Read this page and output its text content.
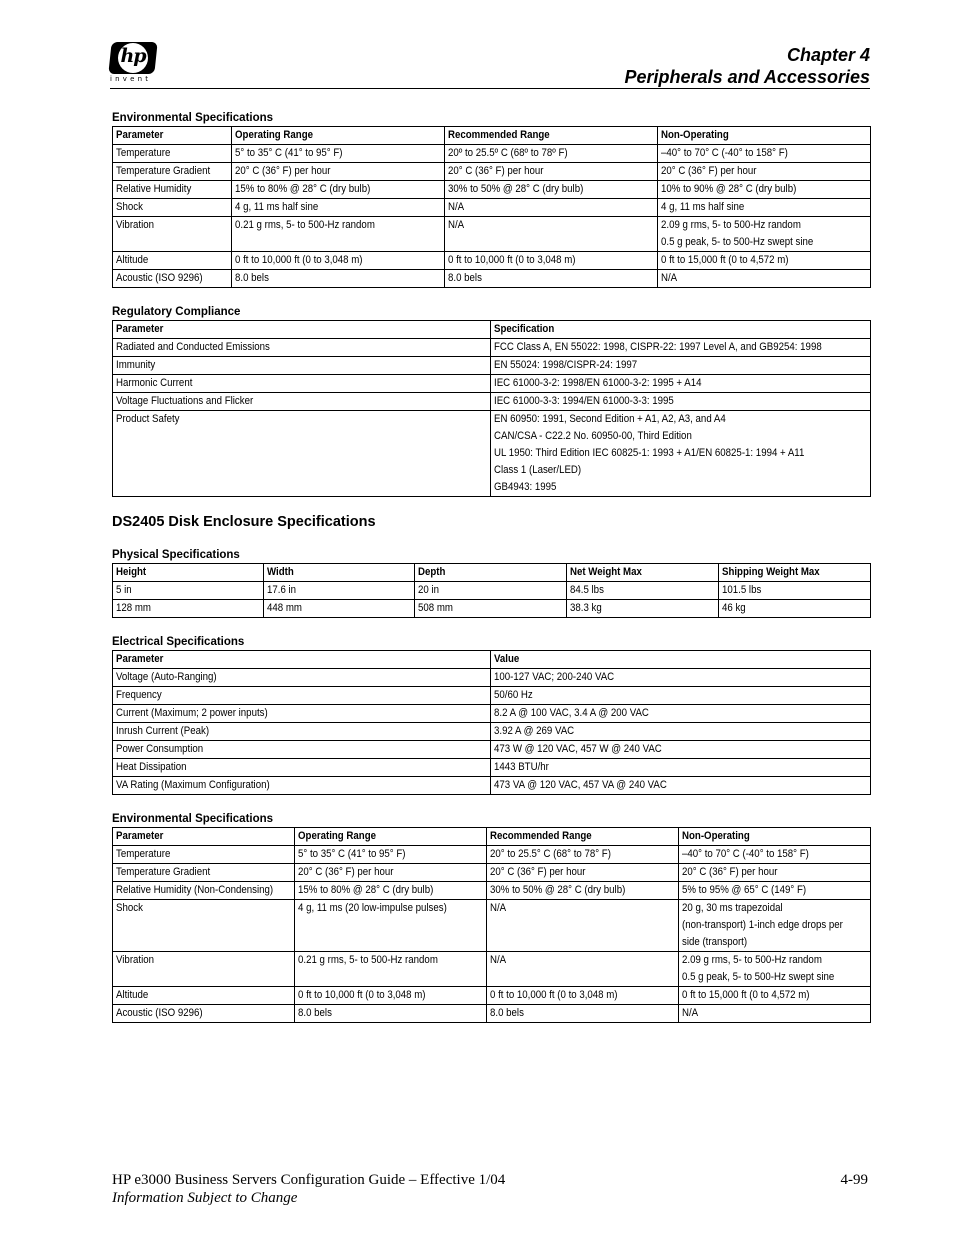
hp
invent
Chapter 4
Peripherals and Accessories
Environmental Specifications
Parameter	Operating Range	Recommended Range	Non-Operating
Temperature	5° to 35° C (41° to 95° F)	20º to 25.5º C (68º to 78º F)	–40° to 70° C (-40° to 158° F)
Temperature Gradient	20° C (36° F) per hour	20° C (36° F) per hour	20° C (36° F) per hour
Relative Humidity	15% to 80% @ 28° C (dry bulb)	30% to 50% @ 28° C (dry bulb)	10% to 90% @ 28° C (dry bulb)
Shock	4 g, 11 ms half sine	N/A	4 g, 11 ms half sine
Vibration	0.21 g rms, 5- to 500-Hz random	N/A	2.09 g rms, 5- to 500-Hz random
0.5 g peak, 5- to 500-Hz swept sine

Altitude	0 ft to 10,000 ft (0 to 3,048 m)	0 ft to 10,000 ft (0 to 3,048 m)	0 ft to 15,000 ft (0 to 4,572 m)
Acoustic (ISO 9296)	8.0 bels	8.0 bels	N/A
Regulatory Compliance
Parameter	Specification
Radiated and Conducted Emissions	FCC Class A, EN 55022: 1998, CISPR-22: 1997 Level A, and GB9254: 1998
Immunity	EN 55024: 1998/CISPR-24: 1997
Harmonic Current	IEC 61000-3-2: 1998/EN 61000-3-2: 1995 + A14
Voltage Fluctuations and Flicker	IEC 61000-3-3: 1994/EN 61000-3-3: 1995
Product Safety	EN 60950: 1991, Second Edition + A1, A2, A3, and A4
CAN/CSA - C22.2 No. 60950-00, Third Edition
UL 1950: Third Edition IEC 60825-1: 1993 + A1/EN 60825-1: 1994 + A11
Class 1 (Laser/LED)
GB4943: 1995
DS2405 Disk Enclosure Specifications
Physical Specifications
Height	Width	Depth	Net Weight Max	Shipping Weight Max
5 in	17.6 in	20 in	84.5 lbs	101.5 lbs
128 mm	448 mm	508 mm	38.3 kg	46 kg
Electrical Specifications
Parameter	Value
Voltage (Auto-Ranging)	100-127 VAC; 200-240 VAC
Frequency	50/60 Hz
Current (Maximum; 2 power inputs)	8.2 A @ 100 VAC, 3.4 A @ 200 VAC
Inrush Current (Peak)	3.92 A @ 269 VAC
Power Consumption	473 W @ 120 VAC, 457 W @ 240 VAC
Heat Dissipation	1443 BTU/hr
VA Rating (Maximum Configuration)	473 VA @ 120 VAC, 457 VA @ 240 VAC
Environmental Specifications
Parameter	Operating Range	Recommended Range	Non-Operating
Temperature	5° to 35° C (41° to 95° F)	20° to 25.5° C (68° to 78° F)	–40° to 70° C (-40° to 158° F)
Temperature Gradient	20° C (36° F) per hour	20° C (36° F) per hour	20° C (36° F) per hour
Relative Humidity (Non-Condensing)	15% to 80% @ 28° C (dry bulb)	30% to 50% @ 28° C (dry bulb)	5% to 95% @ 65° C (149° F)
Shock	4 g, 11 ms (20 low-impulse pulses)	N/A	20 g, 30 ms trapezoidal
(non-transport) 1-inch edge drops per
side (transport)

Vibration	0.21 g rms, 5- to 500-Hz random	N/A	2.09 g rms, 5- to 500-Hz random
0.5 g peak, 5- to 500-Hz swept sine

Altitude	0 ft to 10,000 ft (0 to 3,048 m)	0 ft to 10,000 ft (0 to 3,048 m)	0 ft to 15,000 ft (0 to 4,572 m)
Acoustic (ISO 9296)	8.0 bels	8.0 bels	N/A
HP e3000 Business Servers Configuration Guide – Effective 1/04
Information Subject to Change
4-99
